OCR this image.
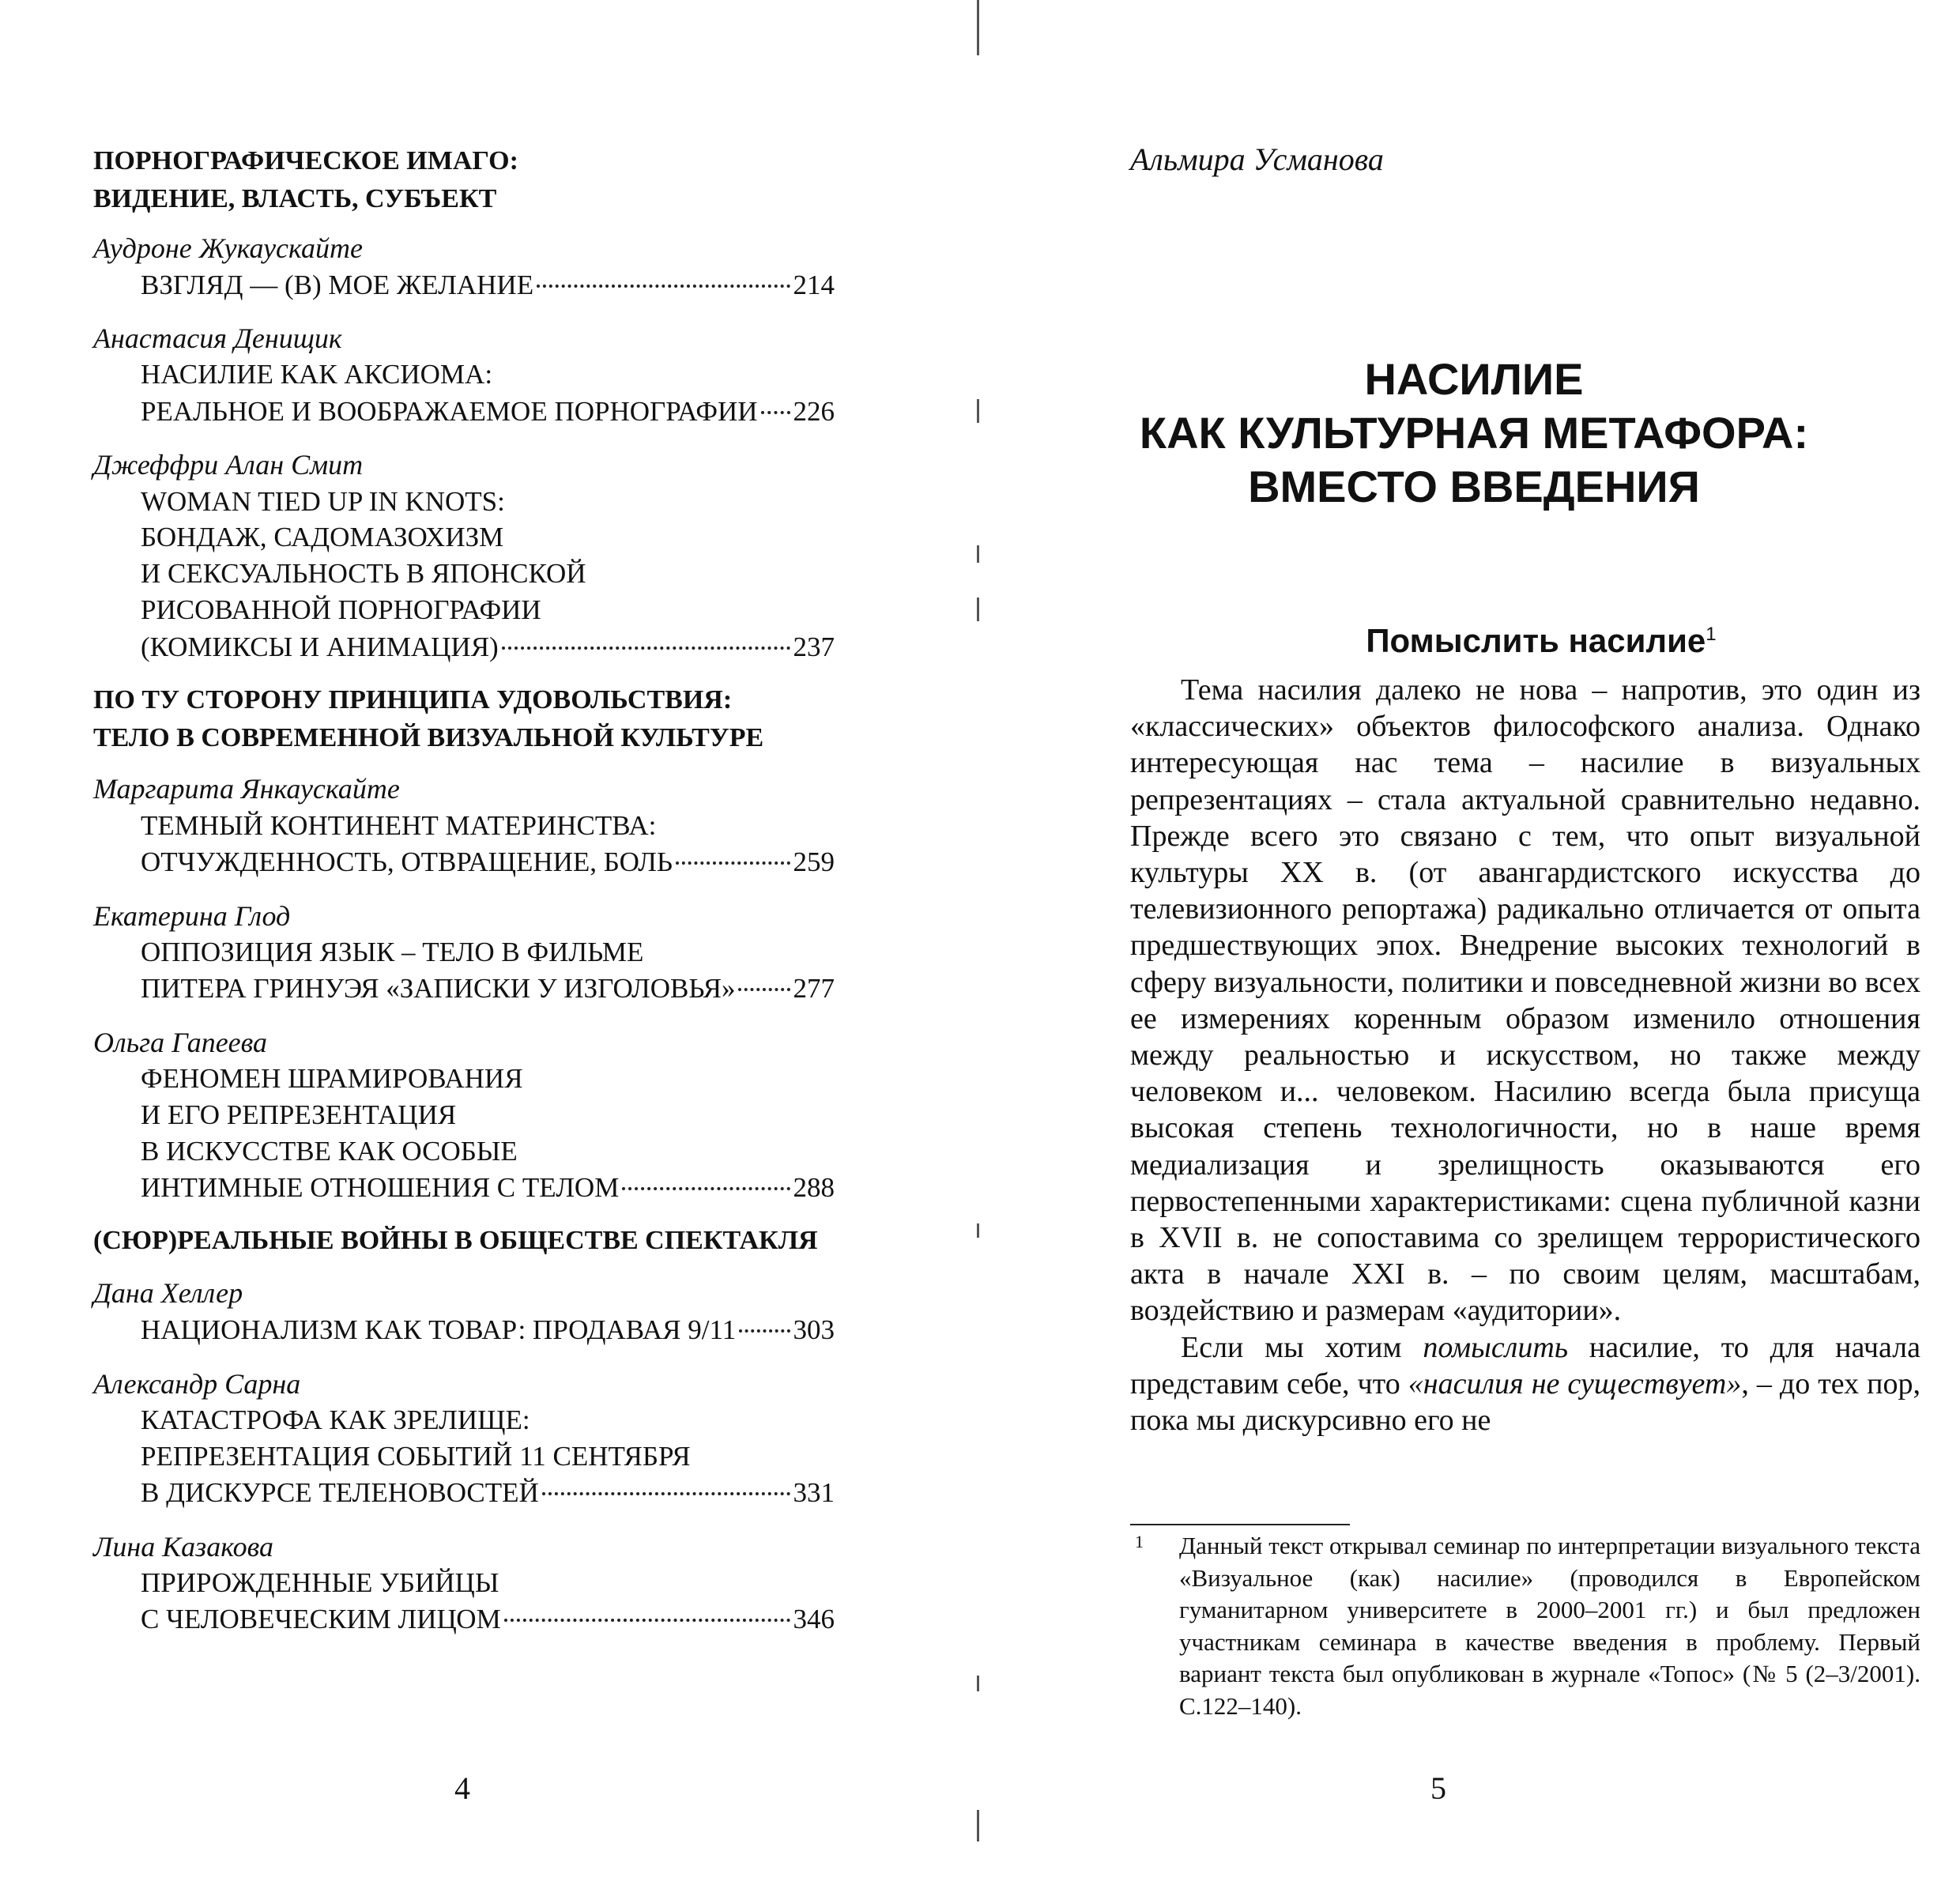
ПОРНОГРАФИЧЕСКОЕ ИМАГО:
ВИДЕНИЕ, ВЛАСТЬ, СУБЪЕКТ
Аудроне Жукаускайте
ВЗГЛЯД — (В) МОЕ ЖЕЛАНИЕ	214
Анастасия Денищик
НАСИЛИЕ КАК АКСИОМА:
РЕАЛЬНОЕ И ВООБРАЖАЕМОЕ ПОРНОГРАФИИ 226
Джеффри Алан Смит
WOMAN TIED UP IN KNOTS:
БОНДАЖ, САДОМАЗОХИЗМ
И СЕКСУАЛЬНОСТЬ В ЯПОНСКОЙ
РИСОВАННОЙ ПОРНОГРАФИИ
(КОМИКСЫ И АНИМАЦИЯ)	237
ПО ТУ СТОРОНУ ПРИНЦИПА УДОВОЛЬСТВИЯ:
ТЕЛО В СОВРЕМЕННОЙ ВИЗУАЛЬНОЙ КУЛЬТУРЕ
Маргарита Янкаускайте
ТЕМНЫЙ КОНТИНЕНТ МАТЕРИНСТВА:
ОТЧУЖДЕННОСТЬ, ОТВРАЩЕНИЕ, БОЛЬ	259
Екатерина Глод
ОППОЗИЦИЯ ЯЗЫК – ТЕЛО В ФИЛЬМЕ
ПИТЕРА ГРИНУЭЯ «ЗАПИСКИ У ИЗГОЛОВЬЯ» 277
Ольга Гапеева
ФЕНОМЕН ШРАМИРОВАНИЯ
И ЕГО РЕПРЕЗЕНТАЦИЯ
В ИСКУССТВЕ КАК ОСОБЫЕ
ИНТИМНЫЕ ОТНОШЕНИЯ С ТЕЛОМ	288
(СЮР)РЕАЛЬНЫЕ ВОЙНЫ В ОБЩЕСТВЕ СПЕКТАКЛЯ
Дана Хеллер
НАЦИОНАЛИЗМ КАК ТОВАР: ПРОДАВАЯ 9/11 303
Александр Сарна
КАТАСТРОФА КАК ЗРЕЛИЩЕ:
РЕПРЕЗЕНТАЦИЯ СОБЫТИЙ 11 СЕНТЯБРЯ
В ДИСКУРСЕ ТЕЛЕНОВОСТЕЙ	331
Лина Казакова
ПРИРОЖДЕННЫЕ УБИЙЦЫ
С ЧЕЛОВЕЧЕСКИМ ЛИЦОМ	346
4
Альмира Усманова
НАСИЛИЕ
КАК КУЛЬТУРНАЯ МЕТАФОРА:
ВМЕСТО ВВЕДЕНИЯ
Помыслить насилие$^1$

Тема насилия далеко не нова – напротив, это один из «классических» объектов философского анализа. Однако интересующая нас тема – насилие в визуальных репрезентациях – стала актуальной сравнительно недавно. Прежде всего это связано с тем, что опыт визуальной культуры XX в. (от авангардистского искусства до телевизионного репортажа) радикально отличается от опыта предшествующих эпох. Внедрение высоких технологий в сферу визуальности, политики и повседневной жизни во всех ее измерениях коренным образом изменило отношения между реальностью и искусством, но также между человеком и... человеком. Насилию всегда была присуща высокая степень технологичности, но в наше время медиализация и зрелищность оказываются его первостепенными характеристиками: сцена публичной казни в XVII в. не сопоставима со зрелищем террористического акта в начале XXI в. – по своим целям, масштабам, воздействию и размерам «аудитории».

Если мы хотим помыслить насилие, то для начала представим себе, что «насилия не существует», – до тех пор, пока мы дискурсивно его не

1 Данный текст открывал семинар по интерпретации визуального текста «Визуальное (как) насилие» (проводился в Европейском гуманитарном университете в 2000–2001 гг.) и был предложен участникам семинара в качестве введения в проблему. Первый вариант текста был опубликован в журнале «Топос» (№ 5 (2–3/2001). С.122–140).
5
